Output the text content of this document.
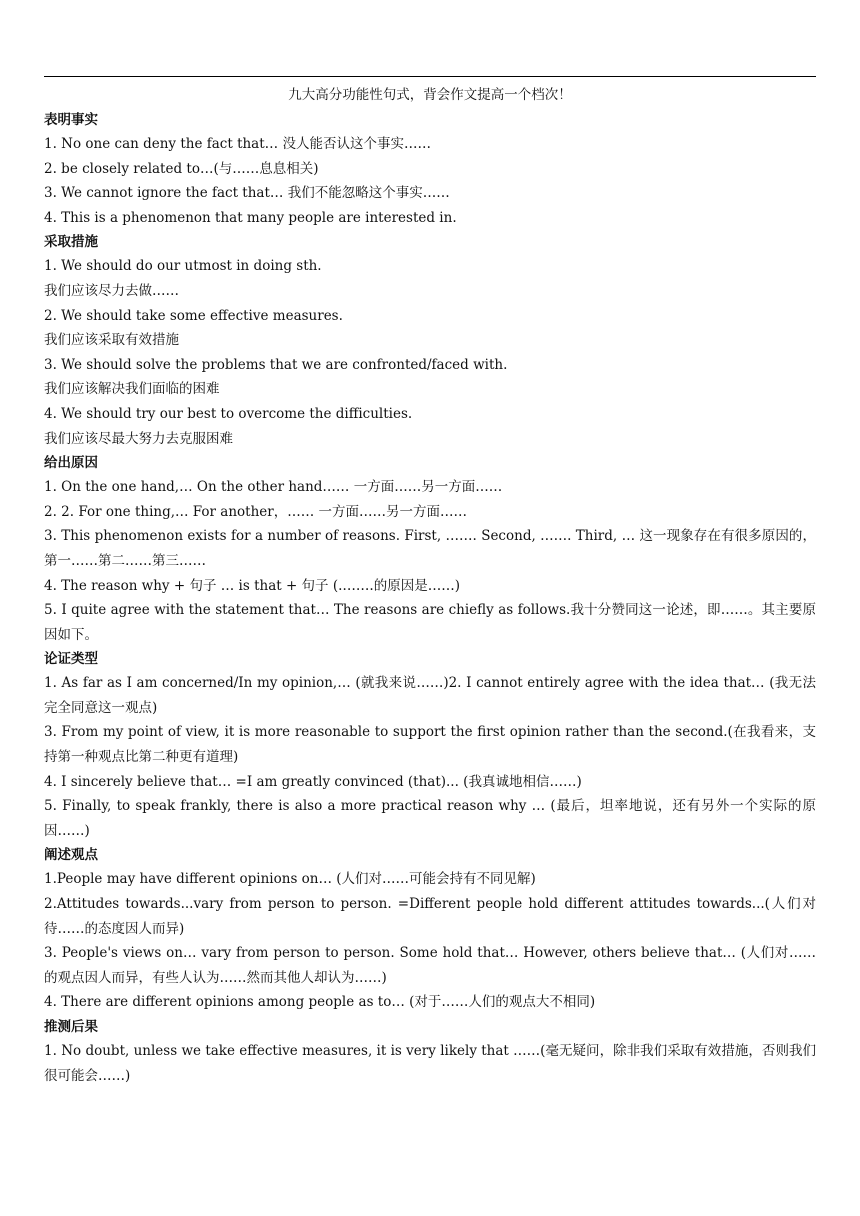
九大高分功能性句式，背会作文提高一个档次！
表明事实
1. No one can deny the fact that… 没人能否认这个事实……
2. be closely related to…(与……息息相关)
3. We cannot ignore the fact that… 我们不能忽略这个事实……
4. This is a phenomenon that many people are interested in.
采取措施
1. We should do our utmost in doing sth.
我们应该尽力去做……
2. We should take some effective measures.
我们应该采取有效措施
3. We should solve the problems that we are confronted/faced with.
我们应该解决我们面临的困难
4. We should try our best to overcome the difficulties.
我们应该尽最大努力去克服困难
给出原因
1. On the one hand,… On the other hand…… 一方面……另一方面……
2. 2. For one thing,… For another，…… 一方面……另一方面……
3. This phenomenon exists for a number of reasons. First, ……. Second, ……. Third, … 这一现象存在有很多原因的，第一……第二……第三……
4. The reason why + 句子 … is that + 句子 (.…….的原因是……)
5. I quite agree with the statement that… The reasons are chiefly as follows.我十分赞同这一论述，即……。其主要原因如下。
论证类型
1. As far as I am concerned/In my opinion,… (就我来说……)2. I cannot entirely agree with the idea that… (我无法完全同意这一观点)
3. From my point of view, it is more reasonable to support the first opinion rather than the second.(在我看来，支持第一种观点比第二种更有道理)
4. I sincerely believe that… =I am greatly convinced (that)... (我真诚地相信……)
5. Finally, to speak frankly, there is also a more practical reason why … (最后，坦率地说，还有另外一个实际的原因……)
阐述观点
1.People may have different opinions on… (人们对……可能会持有不同见解)
2.Attitudes towards...vary from person to person. =Different people hold different attitudes towards...(人们对待……的态度因人而异)
3. People's views on… vary from person to person. Some hold that… However, others believe that… (人们对……的观点因人而异，有些人认为……然而其他人却认为……)
4. There are different opinions among people as to… (对于……人们的观点大不相同)
推测后果
1. No doubt, unless we take effective measures, it is very likely that ……(毫无疑问，除非我们采取有效措施，否则我们很可能会……)
